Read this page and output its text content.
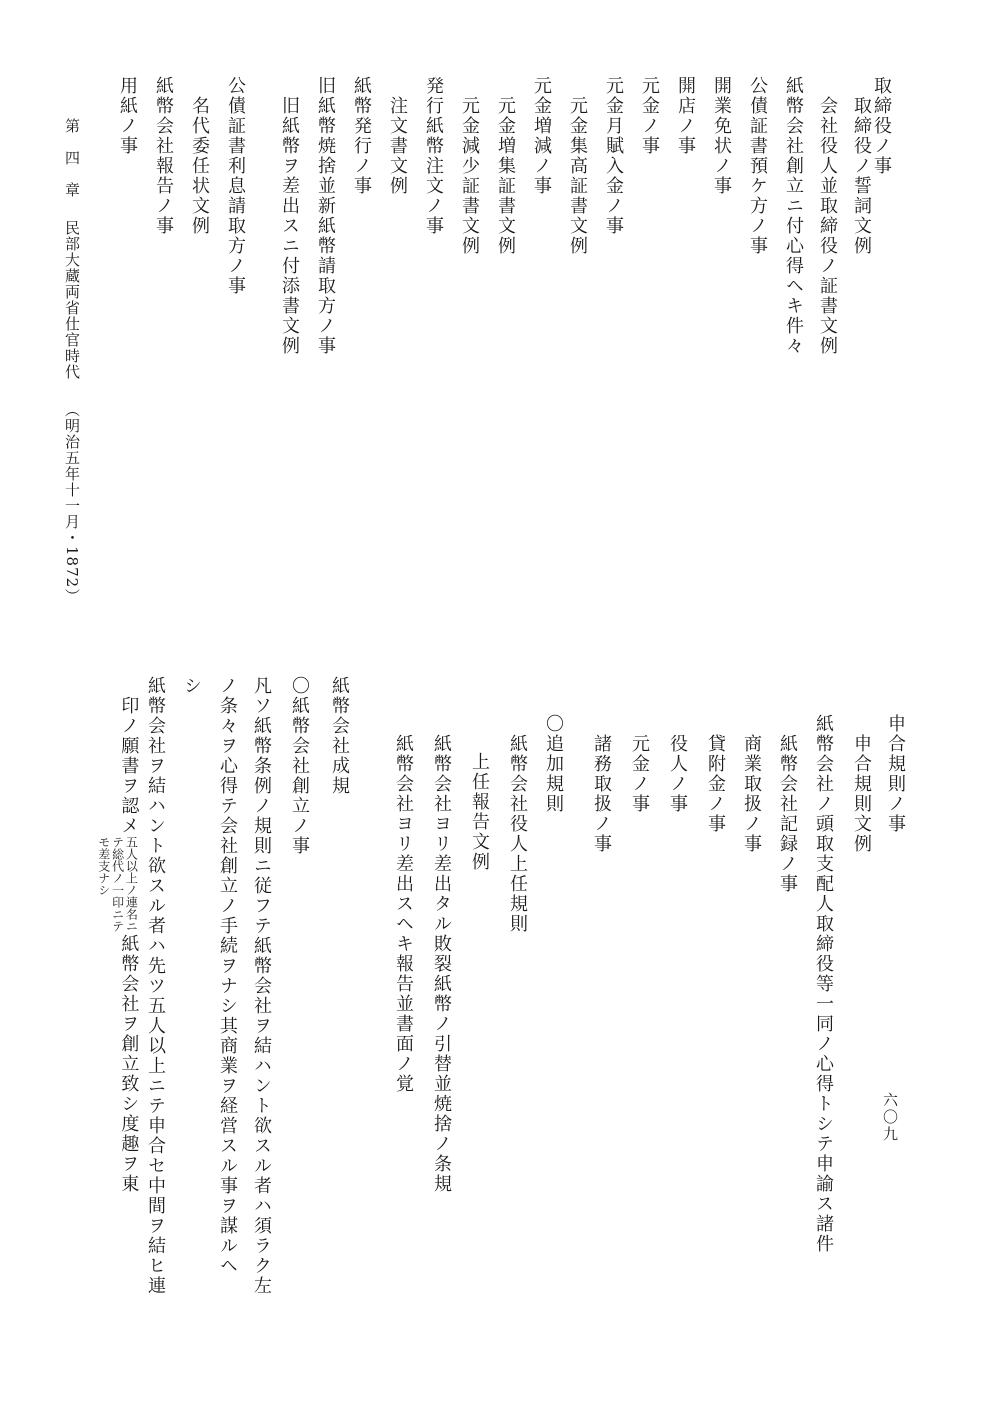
第　四　章民部大蔵両省仕官時代（明治五年十一月・1872）
取締役ノ事
取締役ノ誓詞文例
会社役人並取締役ノ証書文例
紙幣会社創立ニ付心得ヘキ件々
公債証書預ケ方ノ事
開業免状ノ事
開店ノ事
元金ノ事
元金月賦入金ノ事
元金集高証書文例
元金増減ノ事
元金増集証書文例
元金減少証書文例
発行紙幣注文ノ事
注文書文例
紙幣発行ノ事
旧紙幣焼捨並新紙幣請取方ノ事
旧紙幣ヲ差出スニ付添書文例
公債証書利息請取方ノ事
名代委任状文例
紙幣会社報告ノ事
用紙ノ事
申合規則ノ事
申合規則文例
紙幣会社ノ頭取支配人取締役等一同ノ心得トシテ申諭ス諸件
紙幣会社記録ノ事
商業取扱ノ事
貸附金ノ事
役人ノ事
元金ノ事
諸務取扱ノ事
〇追加規則
紙幣会社役人上任規則
上任報告文例
紙幣会社ヨリ差出タル敗裂紙幣ノ引替並焼捨ノ条規
紙幣会社ヨリ差出スヘキ報告並書面ノ覚
紙幣会社成規
〇紙幣会社創立ノ事
凡ソ紙幣条例ノ規則ニ従フテ紙幣会社ヲ結ハント欲スル者ハ須ラク左
ノ条々ヲ心得テ会社創立ノ手続ヲナシ其商業ヲ経営スル事ヲ謀ルヘ
シ
紙幣会社ヲ結ハント欲スル者ハ先ツ五人以上ニテ申合セ中間ヲ結ヒ連
印ノ願書ヲ認メ五人以上ノ連名ニテ総代ノ一印ニテモ差支ナシ紙幣会社ヲ創立致シ度趣ヲ東	六〇九
